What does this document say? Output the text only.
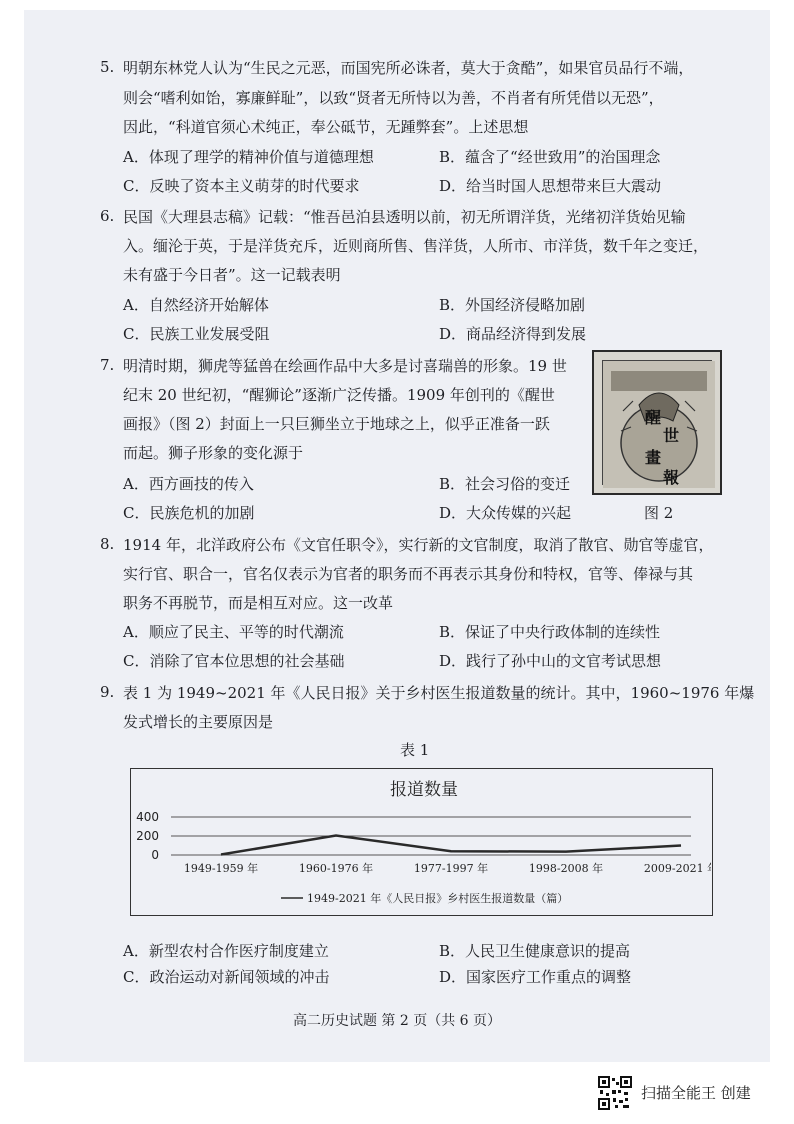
5. 明朝东林党人认为“生民之元恶，而国宪所必诛者，莫大于贪酷”，如果官员品行不端，
则会“嗜利如饴，寡廉鲜耻”，以致“贤者无所恃以为善，不肖者有所凭借以无恐”，
因此，“科道官须心术纯正，奉公砥节，无踵弊套”。上述思想
A．体现了理学的精神价值与道德理想	B．蕴含了“经世致用”的治国理念
C．反映了资本主义萌芽的时代要求	D．给当时国人思想带来巨大震动
6. 民国《大理县志稿》记载：“惟吾邑泊县透明以前，初无所谓洋货，光绪初洋货始见输
入。缅沦于英，于是洋货充斥，近则商所售、售洋货，人所市、市洋货，数千年之变迁，
未有盛于今日者”。这一记载表明
A．自然经济开始解体	B．外国经济侵略加剧
C．民族工业发展受阻	D．商品经济得到发展
7. 明清时期，狮虎等猛兽在绘画作品中大多是讨喜瑞兽的形象。19 世
纪末 20 世纪初，“醒狮论”逐渐广泛传播。1909 年创刊的《醒世
画报》（图 2）封面上一只巨狮坐立于地球之上，似乎正准备一跃
而起。狮子形象的变化源于
A．西方画技的传入	B．社会习俗的变迁
C．民族危机的加剧	D．大众传媒的兴起
醒
世
畫
報
图 2
8. 1914 年，北洋政府公布《文官任职令》，实行新的文官制度，取消了散官、勋官等虚官，
实行官、职合一，官名仅表示为官者的职务而不再表示其身份和特权，官等、俸禄与其
职务不再脱节，而是相互对应。这一改革
A．顺应了民主、平等的时代潮流	B．保证了中央行政体制的连续性
C．消除了官本位思想的社会基础	D．践行了孙中山的文官考试思想
9. 表 1 为 1949~2021 年《人民日报》关于乡村医生报道数量的统计。其中，1960~1976 年爆
发式增长的主要原因是
表 1
报道数量
400
200
0
1949-1959 年	1960-1976 年	1977-1997 年	1998-2008 年	2009-2021 年
1949-2021 年《人民日报》乡村医生报道数量（篇）
A．新型农村合作医疗制度建立	B．人民卫生健康意识的提高
C．政治运动对新闻领域的冲击	D．国家医疗工作重点的调整
高二历史试题 第 2 页（共 6 页）
扫描全能王 创建
